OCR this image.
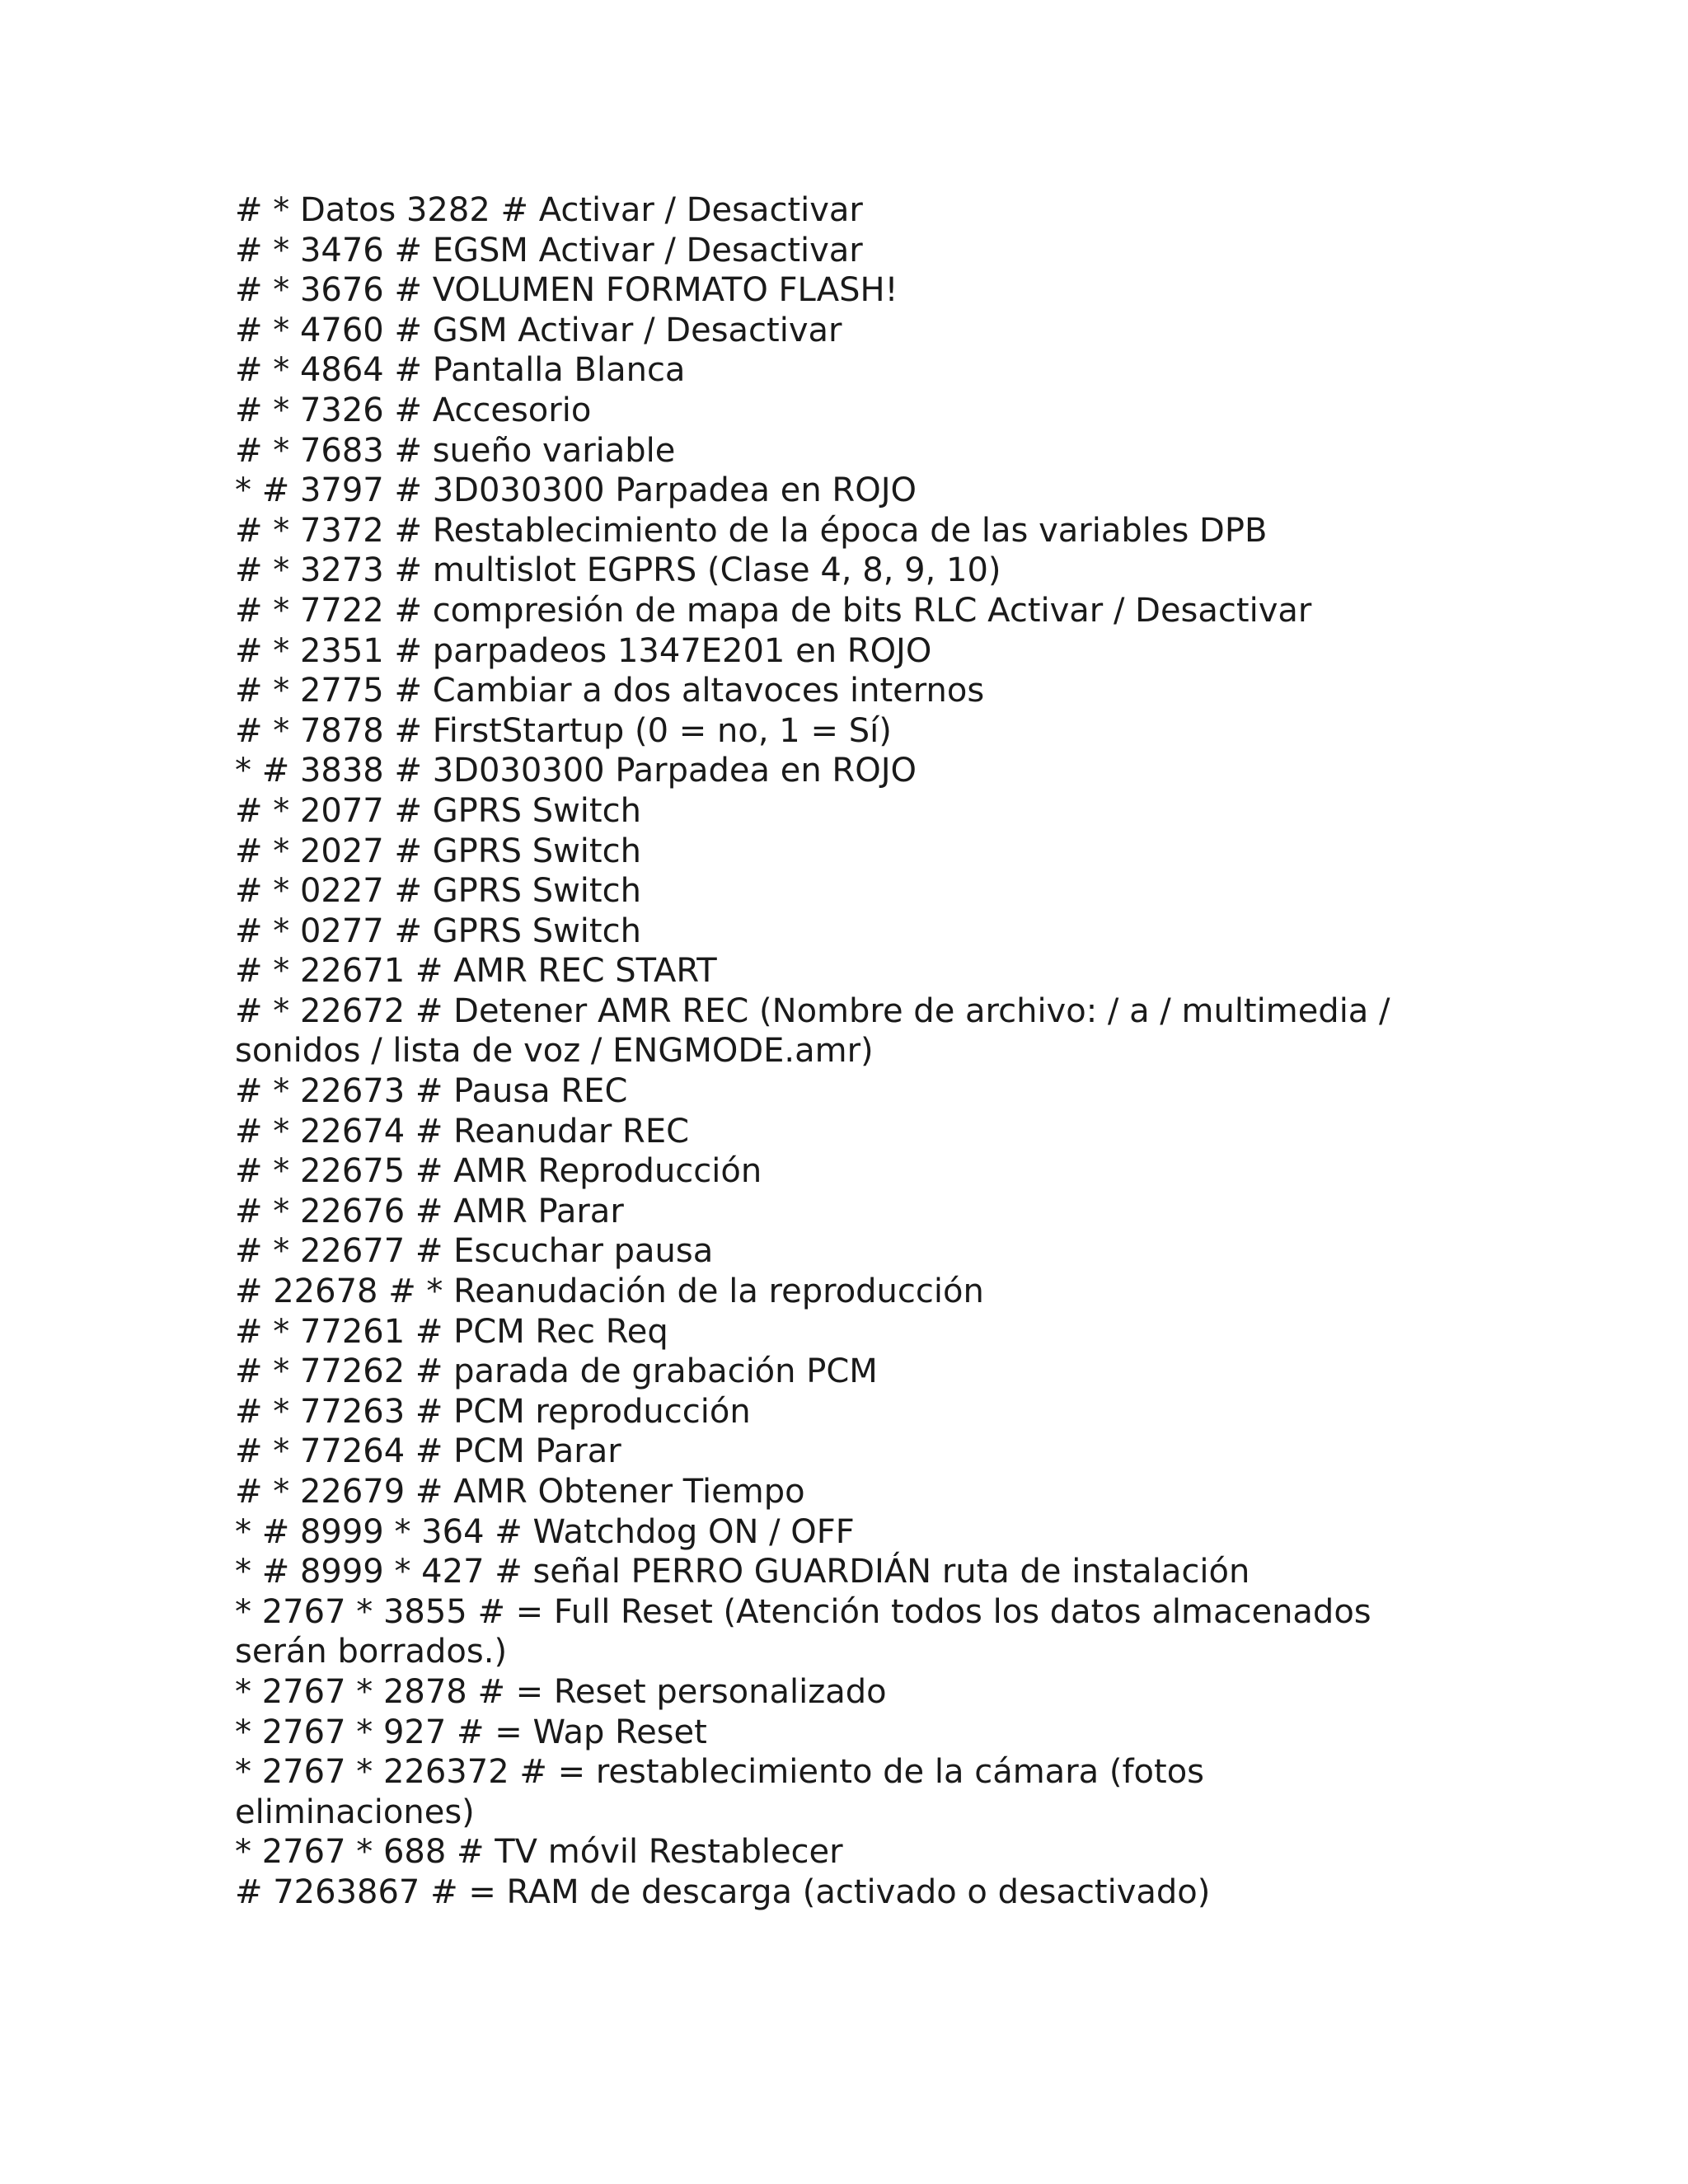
# * Datos 3282 # Activar / Desactivar

# * 3476 # EGSM Activar / Desactivar

# * 3676 # VOLUMEN FORMATO FLASH!

# * 4760 # GSM Activar / Desactivar

# * 4864 # Pantalla Blanca

# * 7326 # Accesorio

# * 7683 # sueño variable

* # 3797 # 3D030300 Parpadea en ROJO

# * 7372 # Restablecimiento de la época de las variables DPB

# * 3273 # multislot EGPRS (Clase 4, 8, 9, 10)

# * 7722 # compresión de mapa de bits RLC Activar / Desactivar

# * 2351 # parpadeos 1347E201 en ROJO

# * 2775 # Cambiar a dos altavoces internos

# * 7878 # FirstStartup (0 = no, 1 = Sí)

* # 3838 # 3D030300 Parpadea en ROJO

# * 2077 # GPRS Switch

# * 2027 # GPRS Switch

# * 0227 # GPRS Switch

# * 0277 # GPRS Switch

# * 22671 # AMR REC START

# * 22672 # Detener AMR REC (Nombre de archivo: / a / multimedia /

sonidos / lista de voz / ENGMODE.amr)

# * 22673 # Pausa REC

# * 22674 # Reanudar REC

# * 22675 # AMR Reproducción

# * 22676 # AMR Parar

# * 22677 # Escuchar pausa

# 22678 # * Reanudación de la reproducción

# * 77261 # PCM Rec Req

# * 77262 # parada de grabación PCM

# * 77263 # PCM reproducción

# * 77264 # PCM Parar

# * 22679 # AMR Obtener Tiempo

* # 8999 * 364 # Watchdog ON / OFF

* # 8999 * 427 # señal PERRO GUARDIÁN ruta de instalación

* 2767 * 3855 # = Full Reset (Atención todos los datos almacenados

serán borrados.)

* 2767 * 2878 # = Reset personalizado

* 2767 * 927 # = Wap Reset

* 2767 * 226372 # = restablecimiento de la cámara (fotos

eliminaciones)

* 2767 * 688 # TV móvil Restablecer

# 7263867 # = RAM de descarga (activado o desactivado)
